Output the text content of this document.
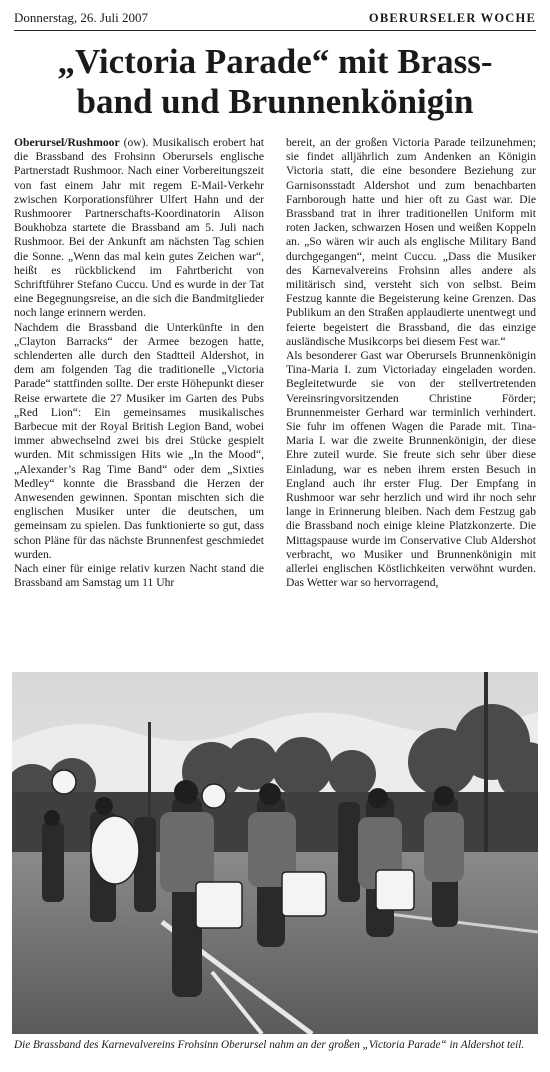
Donnerstag, 26. Juli 2007	OBERURSELER WOCHE
„Victoria Parade“ mit Brass-
band und Brunnenkönigin

Oberursel/Rushmoor (ow). Musikalisch erobert hat die Brassband des Frohsinn Oberursels englische Partnerstadt Rushmoor. Nach einer Vorbereitungszeit von fast einem Jahr mit regem E-Mail-Verkehr zwischen Korporationsführer Ulfert Hahn und der Rushmoorer Partnerschafts-Koordinatorin Alison Boukhobza startete die Brassband am 5. Juli nach Rushmoor. Bei der Ankunft am nächsten Tag schien die Sonne. „Wenn das mal kein gutes Zeichen war“, heißt es rückblickend im Fahrtbericht von Schriftführer Stefano Cuccu. Und es wurde in der Tat eine Begegnungsreise, an die sich die Bandmitglieder noch lange erinnern werden.

Nachdem die Brassband die Unterkünfte in den „Clayton Barracks“ der Armee bezogen hatte, schlenderten alle durch den Stadtteil Aldershot, in dem am folgenden Tag die traditionelle „Victoria Parade“ stattfinden sollte. Der erste Höhepunkt dieser Reise erwartete die 27 Musiker im Garten des Pubs „Red Lion“: Ein gemeinsames musikalisches Barbecue mit der Royal British Legion Band, wobei immer abwechselnd zwei bis drei Stücke gespielt wurden. Mit schmissigen Hits wie „In the Mood“, „Alexander’s Rag Time Band“ oder dem „Sixties Medley“ konnte die Brassband die Herzen der Anwesenden gewinnen. Spontan mischten sich die englischen Musiker unter die deutschen, um gemeinsam zu spielen. Das funktionierte so gut, dass schon Pläne für das nächste Brunnenfest geschmiedet wurden.

Nach einer für einige relativ kurzen Nacht stand die Brassband am Samstag um 11 Uhr

bereit, an der großen Victoria Parade teilzunehmen; sie findet alljährlich zum Andenken an Königin Victoria statt, die eine besondere Beziehung zur Garnisonsstadt Aldershot und zum benachbarten Farnborough hatte und hier oft zu Gast war. Die Brassband trat in ihrer traditionellen Uniform mit roten Jacken, schwarzen Hosen und weißen Koppeln an. „So wären wir auch als englische Military Band durchgegangen“, meint Cuccu. „Dass die Musiker des Karnevalvereins Frohsinn alles andere als militärisch sind, versteht sich von selbst. Beim Festzug kannte die Begeisterung keine Grenzen. Das Publikum an den Straßen applaudierte unentwegt und feierte begeistert die Brassband, die das einzige ausländische Musikcorps bei diesem Fest war.“

Als besonderer Gast war Oberursels Brunnenkönigin Tina-Maria I. zum Victoriaday eingeladen worden. Begleitetwurde sie von der stellvertretenden Vereinsringvorsitzenden Christine Förder; Brunnenmeister Gerhard war terminlich verhindert. Sie fuhr im offenen Wagen die Parade mit. Tina-Maria I. war die zweite Brunnenkönigin, der diese Ehre zuteil wurde. Sie freute sich sehr über diese Einladung, war es neben ihrem ersten Besuch in England auch ihr erster Flug. Der Empfang in Rushmoor war sehr herzlich und wird ihr noch sehr lange in Erinnerung bleiben. Nach dem Festzug gab die Brassband noch einige kleine Platzkonzerte. Die Mittagspause wurde im Conservative Club Aldershot verbracht, wo Musiker und Brunnenkönigin mit allerlei englischen Köstlichkeiten verwöhnt wurden. Das Wetter war so hervorragend,

Die Brassband des Karnevalvereins Frohsinn Oberursel nahm an der großen „Victoria Parade“ in Aldershot teil.
